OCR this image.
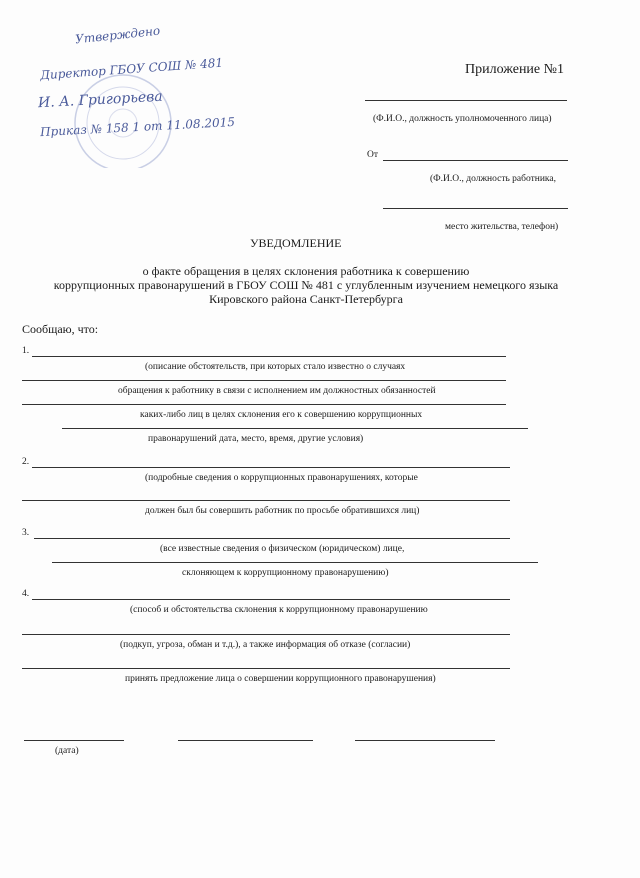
Утверждено
Директор ГБОУ СОШ № 481
И. А. Григорьева
Приказ № 158 1 от 11.08.2015
Приложение №1
(Ф.И.О., должность уполномоченного лица)
От
(Ф.И.О., должность работника,
место жительства, телефон)
УВЕДОМЛЕНИЕ
о факте обращения в целях склонения работника к совершению
коррупционных правонарушений в ГБОУ СОШ № 481 с углубленным изучением немецкого языка
Кировского района Санкт-Петербурга
Сообщаю, что:
1.
(описание обстоятельств, при которых стало известно о случаях
обращения к работнику в связи с исполнением им должностных обязанностей
каких-либо лиц в целях склонения его к совершению коррупционных
правонарушений дата, место, время, другие условия)
2.
(подробные сведения о коррупционных правонарушениях, которые
должен был бы совершить работник по просьбе обратившихся лиц)
3.
(все известные сведения о физическом (юридическом) лице,
склоняющем к коррупционному правонарушению)
4.
(способ и обстоятельства склонения к коррупционному правонарушению
(подкуп, угроза, обман и т.д.), а также информация об отказе (согласии)
принять предложение лица о совершении коррупционного правонарушения)
(дата)
